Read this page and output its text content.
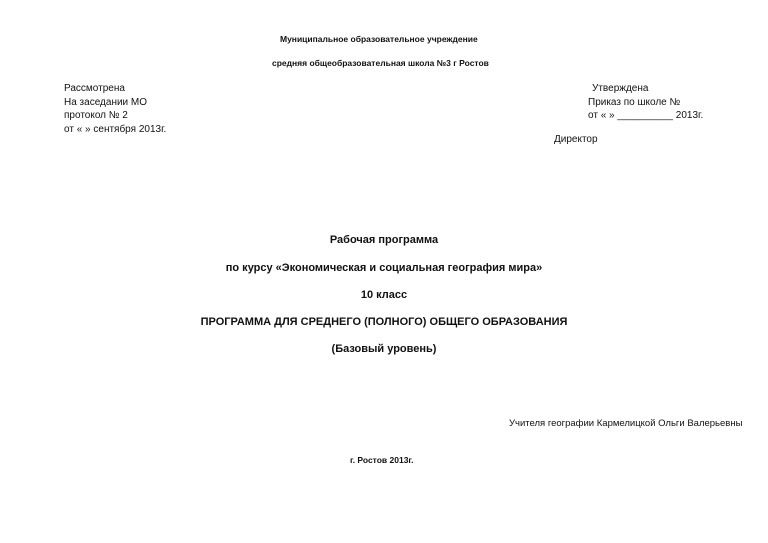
Муниципальное образовательное учреждение
средняя общеобразовательная школа №3 г Ростов
Рассмотрена
На заседании МО
протокол № 2
от « » сентября 2013г.
Утверждена
Приказ по школе №
от « » __________ 2013г.
Директор
Рабочая программа
по курсу «Экономическая и социальная география мира»
10 класс
ПРОГРАММА ДЛЯ СРЕДНЕГО (ПОЛНОГО) ОБЩЕГО ОБРАЗОВАНИЯ
(Базовый уровень)
Учителя географии Кармелицкой Ольги Валерьевны
г. Ростов 2013г.
